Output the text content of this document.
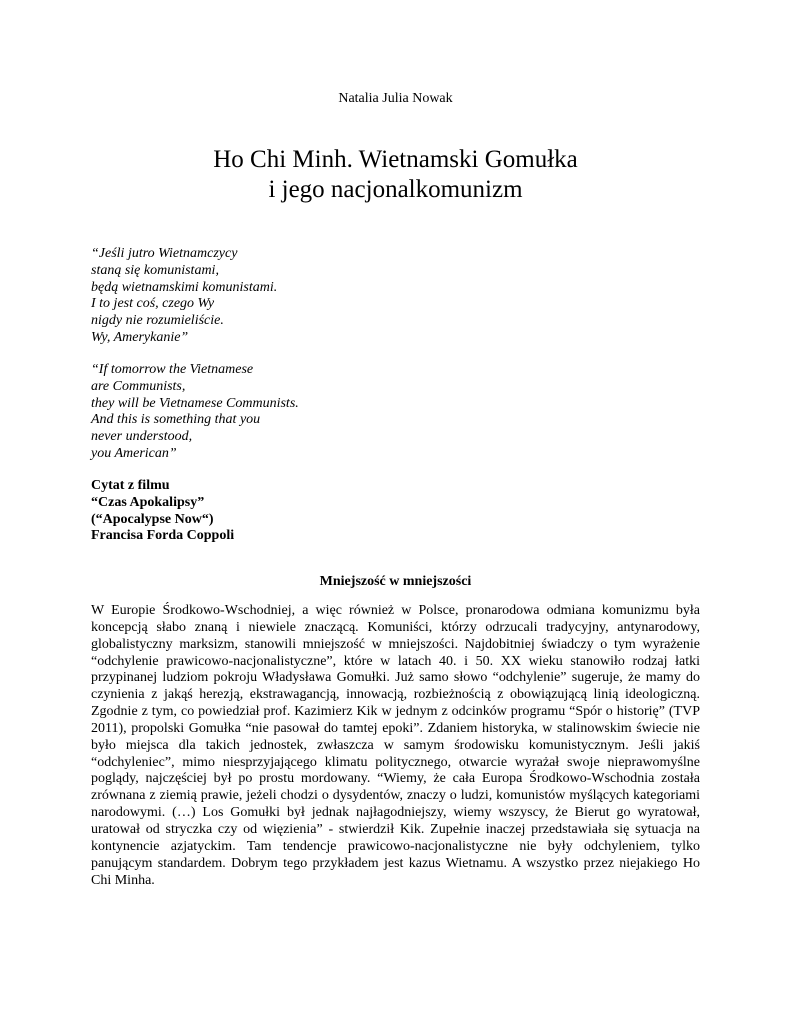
Natalia Julia Nowak
Ho Chi Minh. Wietnamski Gomułka
i jego nacjonalkomunizm
“Jeśli jutro Wietnamczycy
staną się komunistami,
będą wietnamskimi komunistami.
I to jest coś, czego Wy
nigdy nie rozumieliście.
Wy, Amerykanie”
“If tomorrow the Vietnamese
are Communists,
they will be Vietnamese Communists.
And this is something that you
never understood,
you American”
Cytat z filmu
“Czas Apokalipsy”
(“Apocalypse Now“)
Francisa Forda Coppoli
Mniejszość w mniejszości

W Europie Środkowo-Wschodniej, a więc również w Polsce, pronarodowa odmiana komunizmu była koncepcją słabo znaną i niewiele znaczącą. Komuniści, którzy odrzucali tradycyjny, antynarodowy, globalistyczny marksizm, stanowili mniejszość w mniejszości. Najdobitniej świadczy o tym wyrażenie “odchylenie prawicowo-nacjonalistyczne”, które w latach 40. i 50. XX wieku stanowiło rodzaj łatki przypinanej ludziom pokroju Władysława Gomułki. Już samo słowo “odchylenie” sugeruje, że mamy do czynienia z jakąś herezją, ekstrawagancją, innowacją, rozbieżnością z obowiązującą linią ideologiczną. Zgodnie z tym, co powiedział prof. Kazimierz Kik w jednym z odcinków programu “Spór o historię” (TVP 2011), propolski Gomułka “nie pasował do tamtej epoki”. Zdaniem historyka, w stalinowskim świecie nie było miejsca dla takich jednostek, zwłaszcza w samym środowisku komunistycznym. Jeśli jakiś “odchyleniec”, mimo niesprzyjającego klimatu politycznego, otwarcie wyrażał swoje nieprawomyślne poglądy, najczęściej był po prostu mordowany. “Wiemy, że cała Europa Środkowo-Wschodnia została zrównana z ziemią prawie, jeżeli chodzi o dysydentów, znaczy o ludzi, komunistów myślących kategoriami narodowymi. (…) Los Gomułki był jednak najłagodniejszy, wiemy wszyscy, że Bierut go wyratował, uratował od stryczka czy od więzienia” - stwierdził Kik. Zupełnie inaczej przedstawiała się sytuacja na kontynencie azjatyckim. Tam tendencje prawicowo-nacjonalistyczne nie były odchyleniem, tylko panującym standardem. Dobrym tego przykładem jest kazus Wietnamu. A wszystko przez niejakiego Ho Chi Minha.
